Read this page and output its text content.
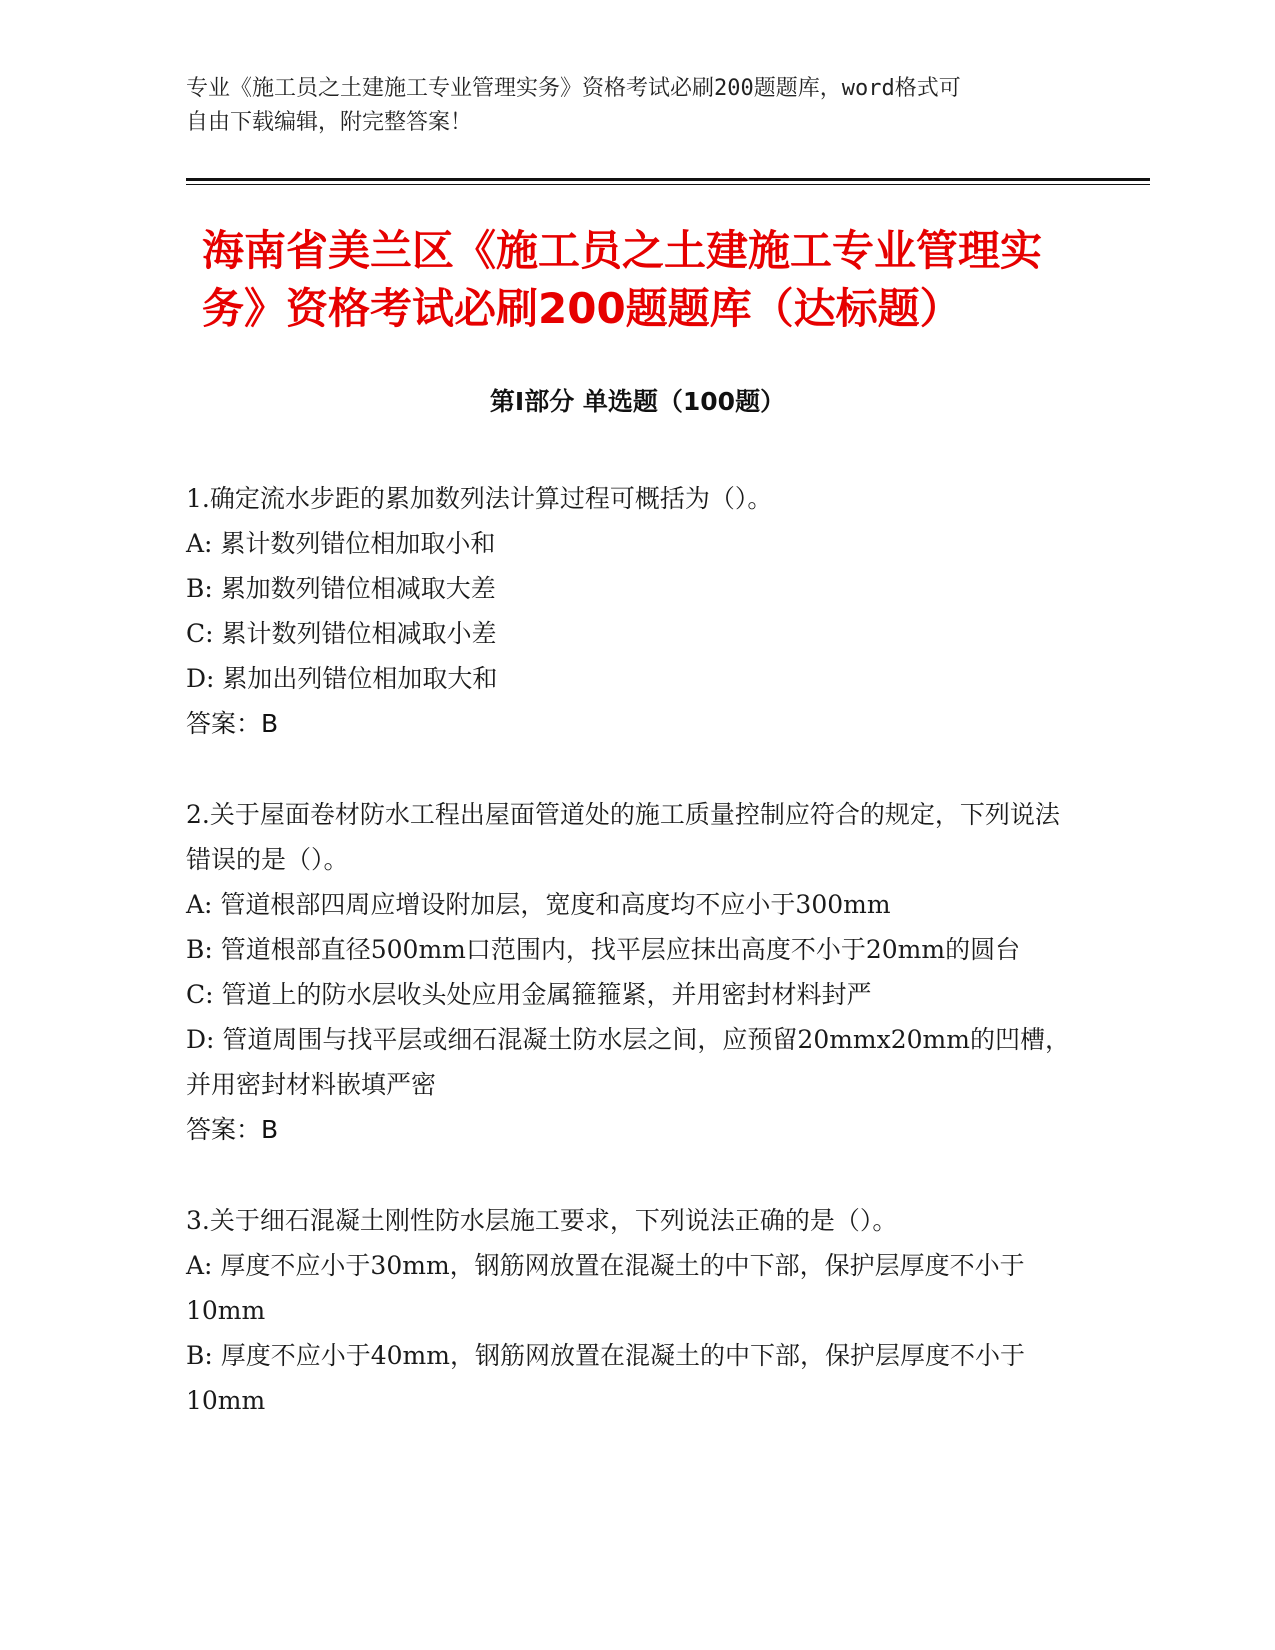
专业《施工员之土建施工专业管理实务》资格考试必刷200题题库，word格式可
自由下载编辑，附完整答案！
海南省美兰区《施工员之土建施工专业管理实务》资格考试必刷200题题库（达标题）
第I部分 单选题（100题）
1.确定流水步距的累加数列法计算过程可概括为（）。
A: 累计数列错位相加取小和
B: 累加数列错位相减取大差
C: 累计数列错位相减取小差
D: 累加出列错位相加取大和
答案：B
2.关于屋面卷材防水工程出屋面管道处的施工质量控制应符合的规定，下列说法错误的是（）。
A: 管道根部四周应增设附加层，宽度和高度均不应小于300mm
B: 管道根部直径500mm口范围内，找平层应抹出高度不小于20mm的圆台
C: 管道上的防水层收头处应用金属箍箍紧，并用密封材料封严
D: 管道周围与找平层或细石混凝土防水层之间，应预留20mmx20mm的凹槽，并用密封材料嵌填严密
答案：B
3.关于细石混凝土刚性防水层施工要求，下列说法正确的是（）。
A: 厚度不应小于30mm，钢筋网放置在混凝土的中下部，保护层厚度不小于10mm
B: 厚度不应小于40mm，钢筋网放置在混凝土的中下部，保护层厚度不小于10mm
